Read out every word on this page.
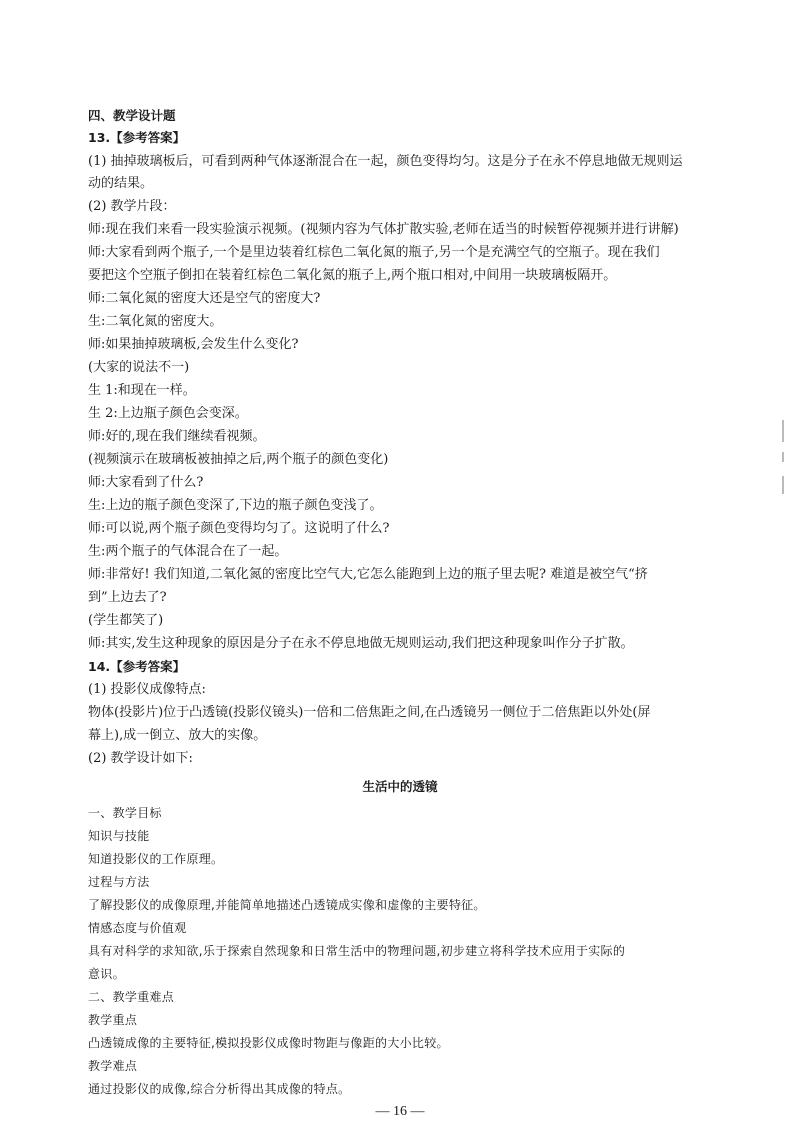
四、教学设计题
13.【参考答案】
(1) 抽掉玻璃板后，可看到两种气体逐渐混合在一起，颜色变得均匀。这是分子在永不停息地做无规则运
动的结果。
(2) 教学片段：
师:现在我们来看一段实验演示视频。(视频内容为气体扩散实验,老师在适当的时候暂停视频并进行讲解)
师:大家看到两个瓶子,一个是里边装着红棕色二氧化氮的瓶子,另一个是充满空气的空瓶子。现在我们
要把这个空瓶子倒扣在装着红棕色二氧化氮的瓶子上,两个瓶口相对,中间用一块玻璃板隔开。
师:二氧化氮的密度大还是空气的密度大?
生:二氧化氮的密度大。
师:如果抽掉玻璃板,会发生什么变化?
(大家的说法不一)
生 1:和现在一样。
生 2:上边瓶子颜色会变深。
师:好的,现在我们继续看视频。
(视频演示在玻璃板被抽掉之后,两个瓶子的颜色变化)
师:大家看到了什么?
生:上边的瓶子颜色变深了,下边的瓶子颜色变浅了。
师:可以说,两个瓶子颜色变得均匀了。这说明了什么?
生:两个瓶子的气体混合在了一起。
师:非常好! 我们知道,二氧化氮的密度比空气大,它怎么能跑到上边的瓶子里去呢? 难道是被空气“挤
到”上边去了?
(学生都笑了)
师:其实,发生这种现象的原因是分子在永不停息地做无规则运动,我们把这种现象叫作分子扩散。
14.【参考答案】
(1) 投影仪成像特点:
物体(投影片)位于凸透镜(投影仪镜头)一倍和二倍焦距之间,在凸透镜另一侧位于二倍焦距以外处(屏
幕上),成一倒立、放大的实像。
(2) 教学设计如下:
生活中的透镜
一、教学目标
知识与技能
知道投影仪的工作原理。
过程与方法
了解投影仪的成像原理,并能简单地描述凸透镜成实像和虚像的主要特征。
情感态度与价值观
具有对科学的求知欲,乐于探索自然现象和日常生活中的物理问题,初步建立将科学技术应用于实际的
意识。
二、教学重难点
教学重点
凸透镜成像的主要特征,模拟投影仪成像时物距与像距的大小比较。
教学难点
通过投影仪的成像,综合分析得出其成像的特点。
— 16 —
